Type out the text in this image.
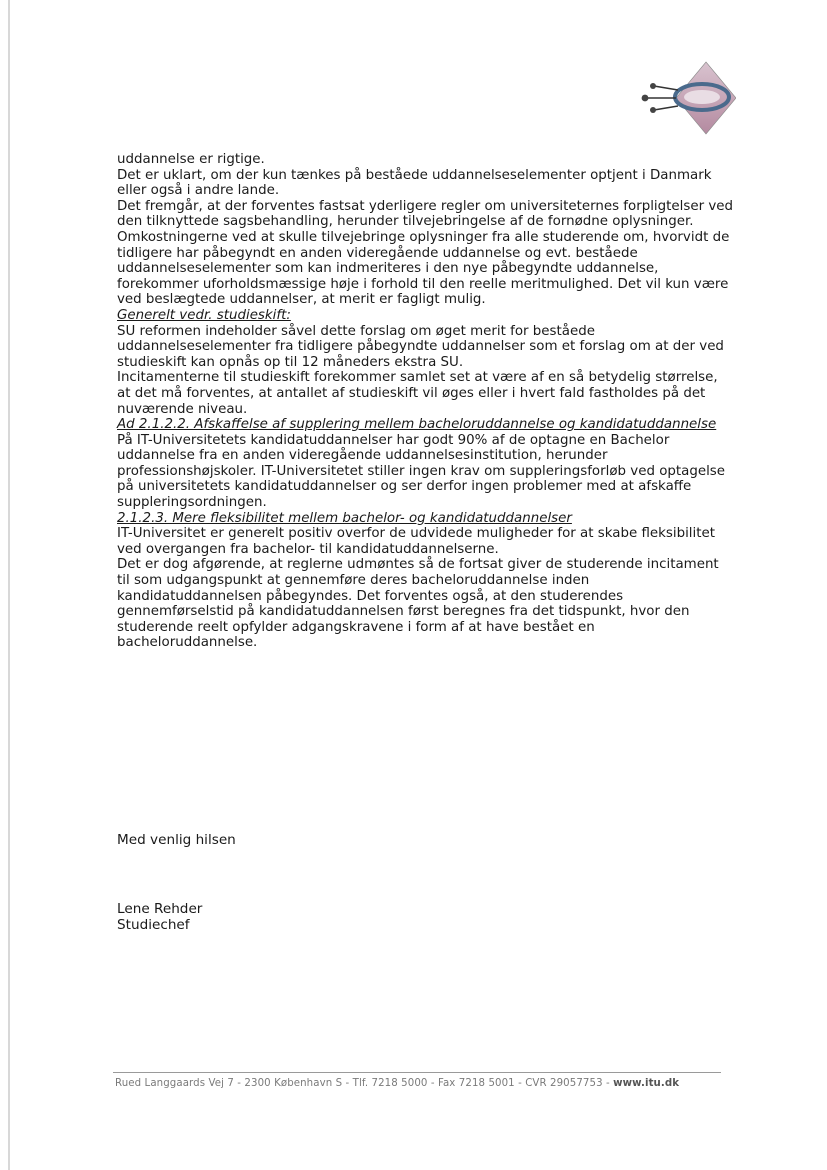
uddannelse er rigtige.

Det er uklart, om der kun tænkes på beståede uddannelseselementer optjent i Danmark eller også i andre lande.

Det fremgår, at der forventes fastsat yderligere regler om universiteternes forpligtelser ved den tilknyttede sagsbehandling, herunder tilvejebringelse af de fornødne oplysninger.

Omkostningerne ved at skulle tilvejebringe oplysninger fra alle studerende om, hvorvidt de tidligere har påbegyndt en anden videregående uddannelse og evt. beståede uddannelseselementer som kan indmeriteres i den nye påbegyndte uddannelse, forekommer uforholdsmæssige høje i forhold til den reelle meritmulighed. Det vil kun være ved beslægtede uddannelser, at merit er fagligt mulig.

Generelt vedr. studieskift:

SU reformen indeholder såvel dette forslag om øget merit for beståede uddannelseselementer fra tidligere påbegyndte uddannelser som et forslag om at der ved studieskift kan opnås op til 12 måneders ekstra SU.

Incitamenterne til studieskift forekommer samlet set at være af en så betydelig størrelse, at det må forventes, at antallet af studieskift vil øges eller i hvert fald fastholdes på det nuværende niveau.

Ad 2.1.2.2. Afskaffelse af supplering mellem bacheloruddannelse og kandidatuddannelse

På IT-Universitetets kandidatuddannelser har godt 90% af de optagne en Bachelor uddannelse fra en anden videregående uddannelsesinstitution, herunder professionshøjskoler. IT-Universitetet stiller ingen krav om suppleringsforløb ved optagelse på universitetets kandidatuddannelser og ser derfor ingen problemer med at afskaffe suppleringsordningen.

2.1.2.3. Mere fleksibilitet mellem bachelor- og kandidatuddannelser

IT-Universitet er generelt positiv overfor de udvidede muligheder for at skabe fleksibilitet ved overgangen fra bachelor- til kandidatuddannelserne.

Det er dog afgørende, at reglerne udmøntes så de fortsat giver de studerende incitament til som udgangspunkt at gennemføre deres bacheloruddannelse inden kandidatuddannelsen påbegyndes. Det forventes også, at den studerendes gennemførselstid på kandidatuddannelsen først beregnes fra det tidspunkt, hvor den studerende reelt opfylder adgangskravene i form af at have bestået en bacheloruddannelse.

Med venlig hilsen
Lene Rehder
Studiechef
Rued Langgaards Vej 7 - 2300 København S - Tlf. 7218 5000 - Fax 7218 5001 - CVR 29057753 - www.itu.dk
